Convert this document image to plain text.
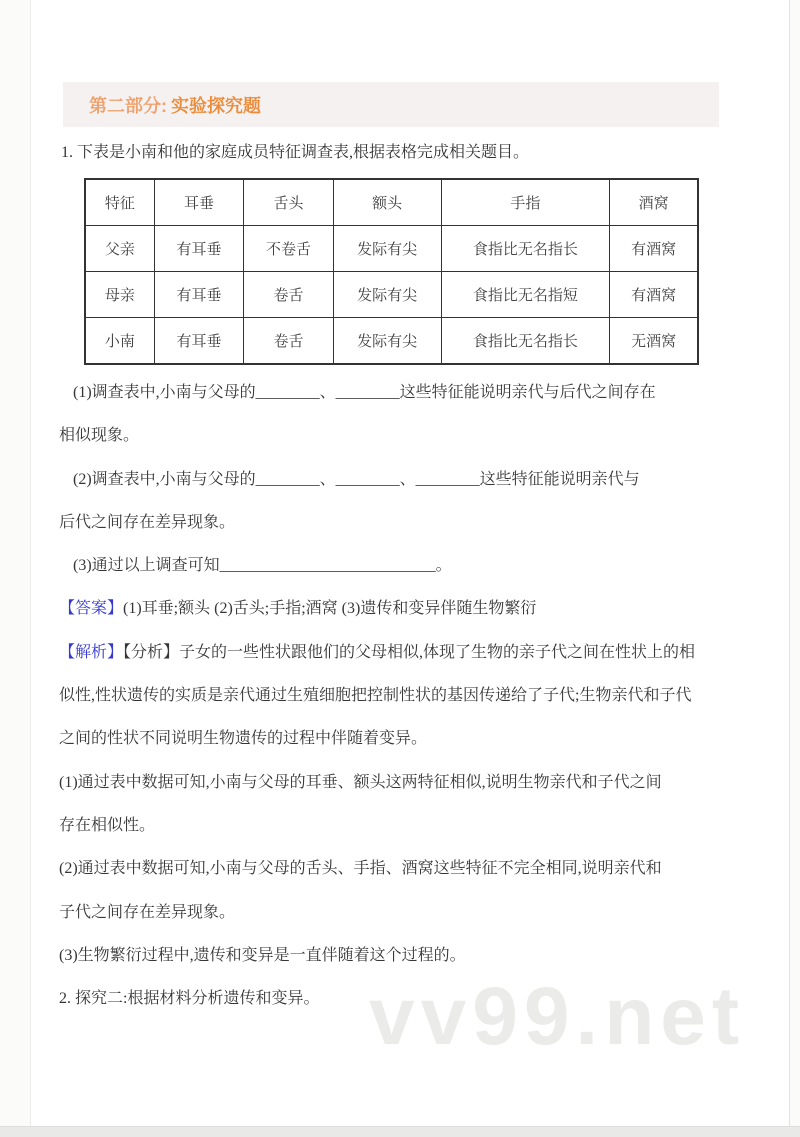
第二部分: 实验探究题
1. 下表是小南和他的家庭成员特征调查表,根据表格完成相关题目。
特征	耳垂	舌头	额头	手指	酒窝
父亲	有耳垂	不卷舌	发际有尖	食指比无名指长	有酒窝
母亲	有耳垂	卷舌	发际有尖	食指比无名指短	有酒窝
小南	有耳垂	卷舌	发际有尖	食指比无名指长	无酒窝
(1)调查表中,小南与父母的________、________这些特征能说明亲代与后代之间存在
相似现象。
(2)调查表中,小南与父母的________、________、________这些特征能说明亲代与
后代之间存在差异现象。
(3)通过以上调查可知___________________________。
【答案】(1)耳垂;额头 (2)舌头;手指;酒窝 (3)遗传和变异伴随生物繁衍
【解析】【分析】子女的一些性状跟他们的父母相似,体现了生物的亲子代之间在性状上的相
似性,性状遗传的实质是亲代通过生殖细胞把控制性状的基因传递给了子代;生物亲代和子代
之间的性状不同说明生物遗传的过程中伴随着变异。
(1)通过表中数据可知,小南与父母的耳垂、额头这两特征相似,说明生物亲代和子代之间
存在相似性。
(2)通过表中数据可知,小南与父母的舌头、手指、酒窝这些特征不完全相同,说明亲代和
子代之间存在差异现象。
(3)生物繁衍过程中,遗传和变异是一直伴随着这个过程的。
2. 探究二:根据材料分析遗传和变异。 vv99.net
